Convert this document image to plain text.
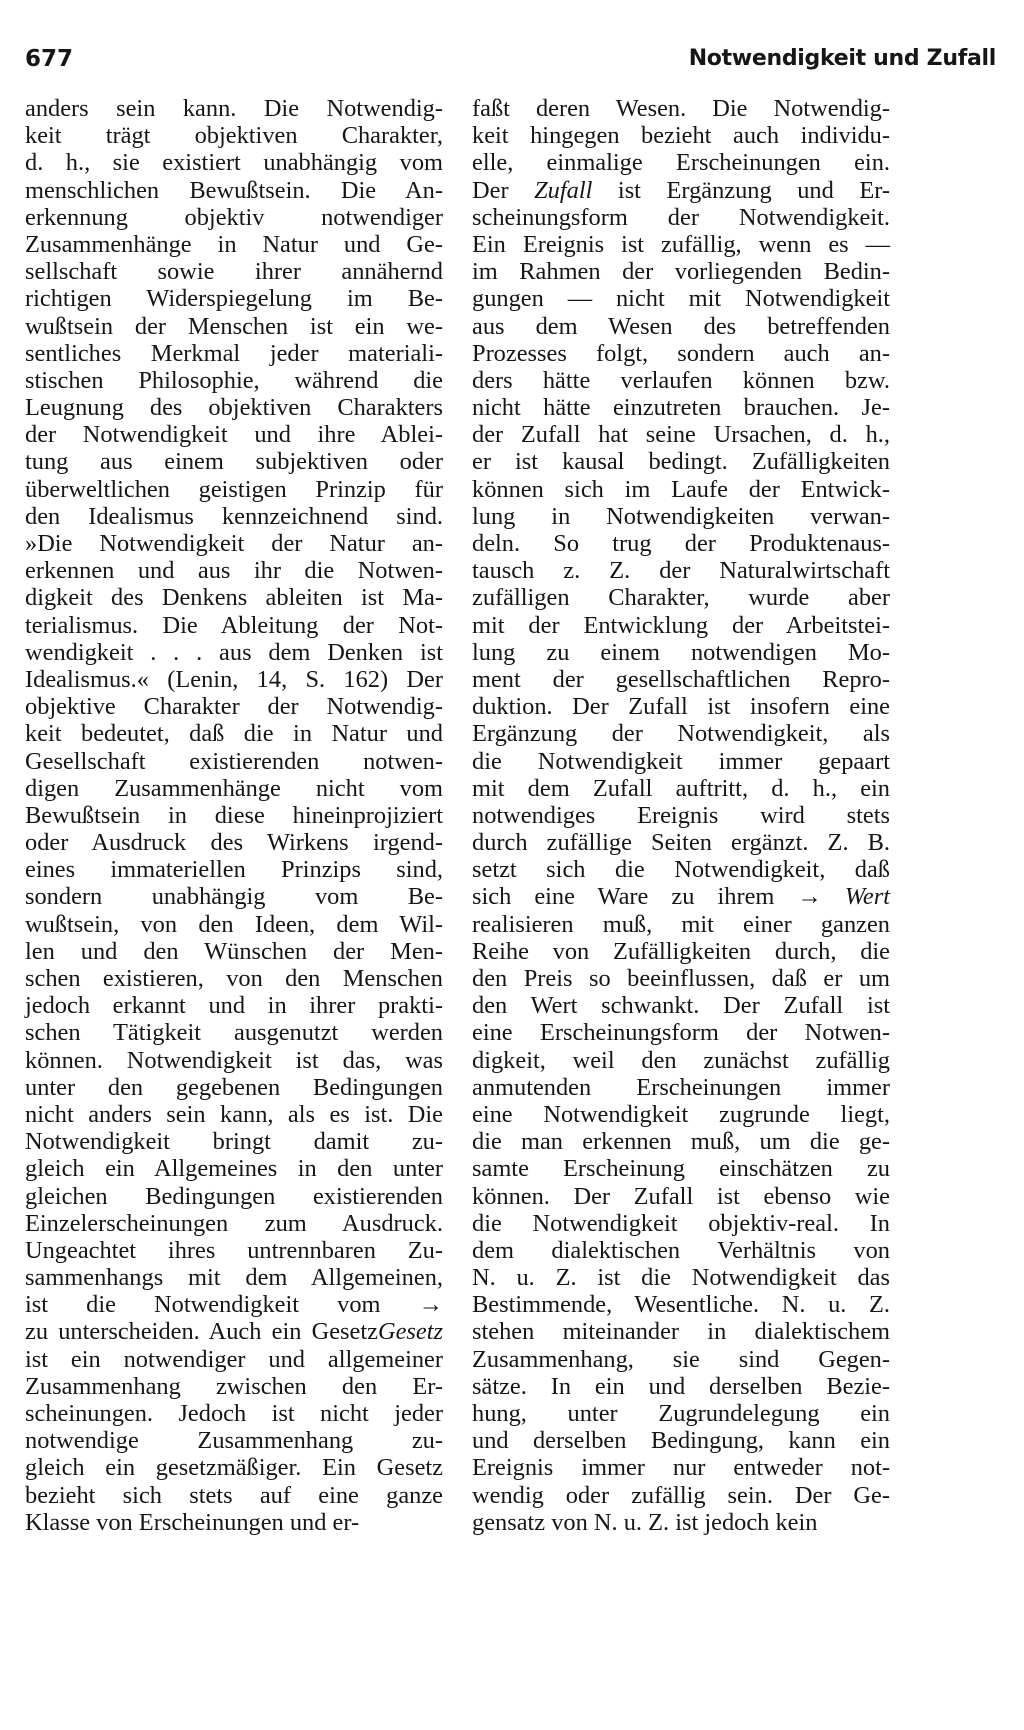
677	Notwendigkeit und Zufall
anders sein kann. Die Notwendig-
keit trägt objektiven Charakter,
d. h., sie existiert unabhängig vom
menschlichen Bewußtsein. Die An-
erkennung objektiv notwendiger
Zusammenhänge in Natur und Ge-
sellschaft sowie ihrer annähernd
richtigen Widerspiegelung im Be-
wußtsein der Menschen ist ein we-
sentliches Merkmal jeder materiali-
stischen Philosophie, während die
Leugnung des objektiven Charakters
der Notwendigkeit und ihre Ablei-
tung aus einem subjektiven oder
überweltlichen geistigen Prinzip für
den Idealismus kennzeichnend sind.
»Die Notwendigkeit der Natur an-
erkennen und aus ihr die Notwen-
digkeit des Denkens ableiten ist Ma-
terialismus. Die Ableitung der Not-
wendigkeit . . . aus dem Denken ist
Idealismus.« (Lenin, 14, S. 162) Der
objektive Charakter der Notwendig-
keit bedeutet, daß die in Natur und
Gesellschaft existierenden notwen-
digen Zusammenhänge nicht vom
Bewußtsein in diese hineinprojiziert
oder Ausdruck des Wirkens irgend-
eines immateriellen Prinzips sind,
sondern unabhängig vom Be-
wußtsein, von den Ideen, dem Wil-
len und den Wünschen der Men-
schen existieren, von den Menschen
jedoch erkannt und in ihrer prakti-
schen Tätigkeit ausgenutzt werden
können. Notwendigkeit ist das, was
unter den gegebenen Bedingungen
nicht anders sein kann, als es ist. Die
Notwendigkeit bringt damit zu-
gleich ein Allgemeines in den unter
gleichen Bedingungen existierenden
Einzelerscheinungen zum Ausdruck.
Ungeachtet ihres untrennbaren Zu-
sammenhangs mit dem Allgemeinen,
ist die Notwendigkeit vom →
zu unterscheiden. Auch ein GesetzGesetz
ist ein notwendiger und allgemeiner
Zusammenhang zwischen den Er-
scheinungen. Jedoch ist nicht jeder
notwendige Zusammenhang zu-
gleich ein gesetzmäßiger. Ein Gesetz
bezieht sich stets auf eine ganze
Klasse von Erscheinungen und er-
faßt deren Wesen. Die Notwendig-
keit hingegen bezieht auch individu-
elle, einmalige Erscheinungen ein.
Der Zufall ist Ergänzung und Er-
scheinungsform der Notwendigkeit.
Ein Ereignis ist zufällig, wenn es —
im Rahmen der vorliegenden Bedin-
gungen — nicht mit Notwendigkeit
aus dem Wesen des betreffenden
Prozesses folgt, sondern auch an-
ders hätte verlaufen können bzw.
nicht hätte einzutreten brauchen. Je-
der Zufall hat seine Ursachen, d. h.,
er ist kausal bedingt. Zufälligkeiten
können sich im Laufe der Entwick-
lung in Notwendigkeiten verwan-
deln. So trug der Produktenaus-
tausch z. Z. der Naturalwirtschaft
zufälligen Charakter, wurde aber
mit der Entwicklung der Arbeitstei-
lung zu einem notwendigen Mo-
ment der gesellschaftlichen Repro-
duktion. Der Zufall ist insofern eine
Ergänzung der Notwendigkeit, als
die Notwendigkeit immer gepaart
mit dem Zufall auftritt, d. h., ein
notwendiges Ereignis wird stets
durch zufällige Seiten ergänzt. Z. B.
setzt sich die Notwendigkeit, daß
sich eine Ware zu ihrem → Wert
realisieren muß, mit einer ganzen
Reihe von Zufälligkeiten durch, die
den Preis so beeinflussen, daß er um
den Wert schwankt. Der Zufall ist
eine Erscheinungsform der Notwen-
digkeit, weil den zunächst zufällig
anmutenden Erscheinungen immer
eine Notwendigkeit zugrunde liegt,
die man erkennen muß, um die ge-
samte Erscheinung einschätzen zu
können. Der Zufall ist ebenso wie
die Notwendigkeit objektiv-real. In
dem dialektischen Verhältnis von
N. u. Z. ist die Notwendigkeit das
Bestimmende, Wesentliche. N. u. Z.
stehen miteinander in dialektischem
Zusammenhang, sie sind Gegen-
sätze. In ein und derselben Bezie-
hung, unter Zugrundelegung ein
und derselben Bedingung, kann ein
Ereignis immer nur entweder not-
wendig oder zufällig sein. Der Ge-
gensatz von N. u. Z. ist jedoch kein
